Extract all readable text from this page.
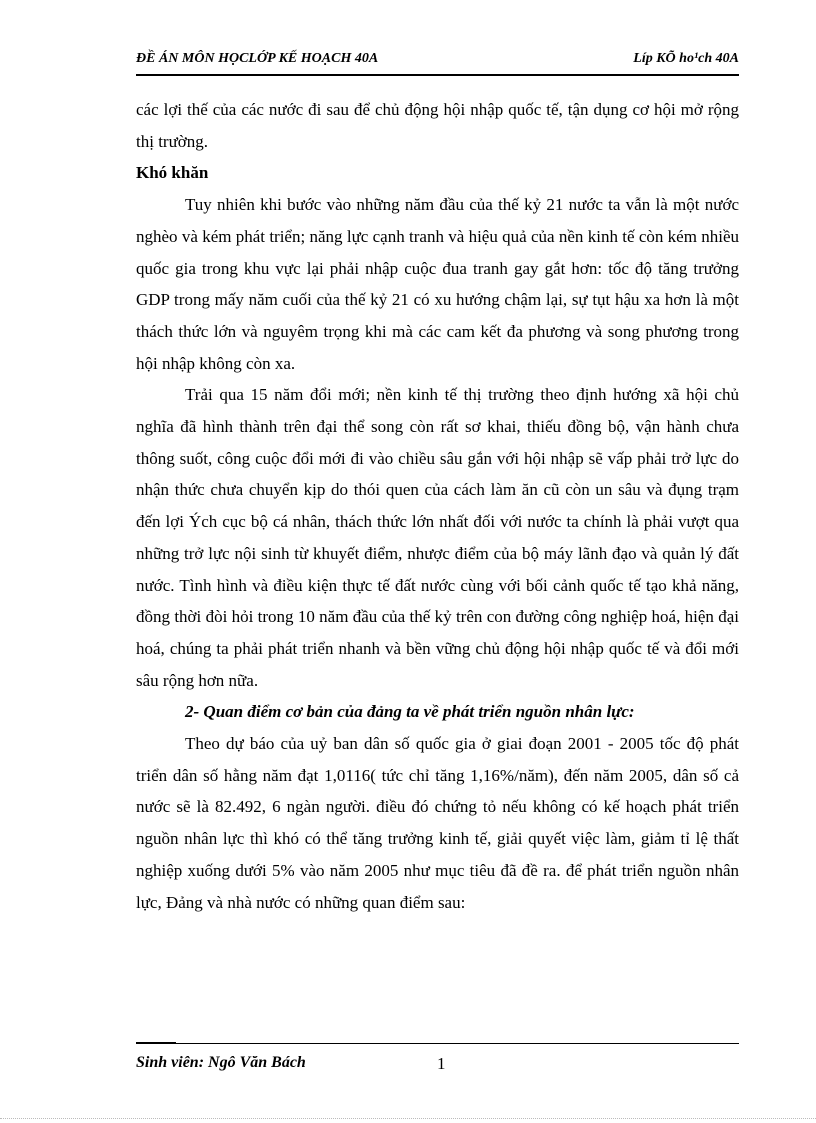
ĐỀ ÁN MÔN HỌCLỚP KẾ HOẠCH 40A	Líp KÕ ho¹ch 40A

các lợi thế của các nước đi sau để chủ động hội nhập quốc tế, tận dụng cơ hội mở rộng thị trường.

Khó khăn

Tuy nhiên khi bước vào những năm đầu của thế kỷ 21 nước ta vẫn là một nước nghèo và kém phát triển; năng lực cạnh tranh và hiệu quả của nền kinh tế còn kém nhiều quốc gia trong khu vực lại phải nhập cuộc đua tranh gay gắt hơn: tốc độ tăng trưởng GDP trong mấy năm cuối của thế kỷ 21 có xu hướng chậm lại, sự tụt hậu xa hơn là một thách thức lớn và nguyêm trọng khi mà các cam kết đa phương và song phương trong hội nhập không còn xa.

Trải qua 15 năm đổi mới; nền kinh tế thị trường theo định hướng xã hội chủ nghĩa đã hình thành trên đại thể song còn rất sơ khai, thiếu đồng bộ, vận hành chưa thông suốt, công cuộc đổi mới đi vào chiều sâu gắn với hội nhập sẽ vấp phải trở lực do nhận thức chưa chuyển kịp do thói quen của cách làm ăn cũ còn un sâu và đụng trạm đến lợi Ých cục bộ cá nhân, thách thức lớn nhất đối với nước ta chính là phải vượt qua những trở lực nội sinh từ khuyết điểm, nhược điểm của bộ máy lãnh đạo và quản lý đất nước. Tình hình và điều kiện thực tế đất nước cùng với bối cảnh quốc tế tạo khả năng, đồng thời đòi hỏi trong 10 năm đầu của thế kỷ trên con đường công nghiệp hoá, hiện đại hoá, chúng ta phải phát triển nhanh và bền vững chủ động hội nhập quốc tế và đổi mới sâu rộng hơn nữa.

2- Quan điểm cơ bản của đảng ta về phát triển nguồn nhân lực:

Theo dự báo của uỷ ban dân số quốc gia ở giai đoạn 2001 - 2005 tốc độ phát triển dân số hằng năm đạt 1,0116( tức chỉ tăng 1,16%/năm), đến năm 2005, dân số cả nước sẽ là 82.492, 6 ngàn người. điều đó chứng tỏ nếu không có kế hoạch phát triển nguồn nhân lực thì khó có thể tăng trưởng kinh tế, giải quyết việc làm, giảm tỉ lệ thất nghiệp xuống dưới 5% vào năm 2005 như mục tiêu đã đề ra. để phát triển nguồn nhân lực, Đảng và nhà nước có những quan điểm sau:

Sinh viên: Ngô Văn Bách	1
